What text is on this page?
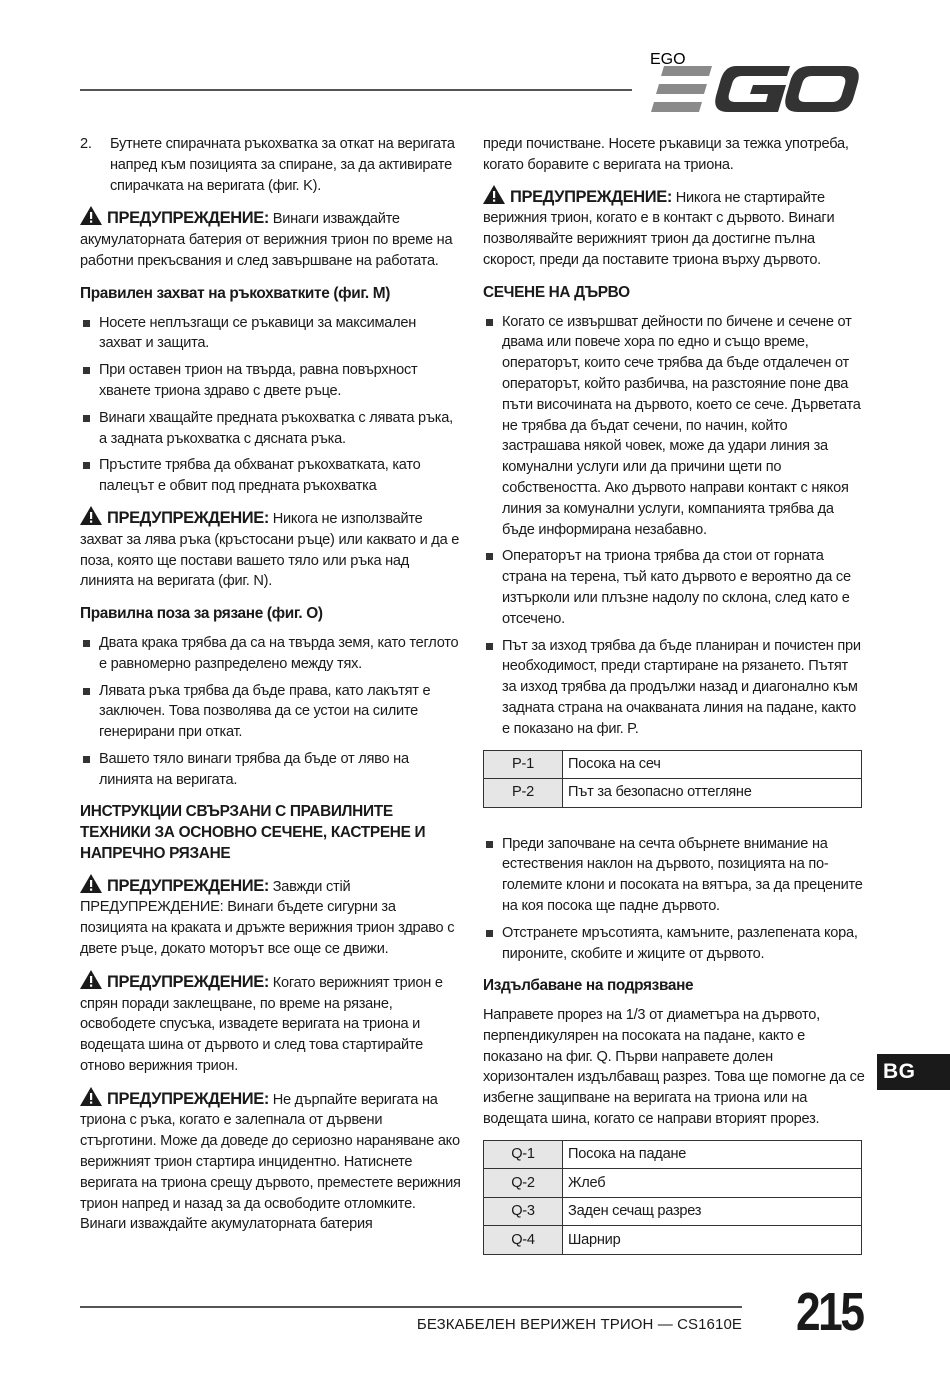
EGO
2.	Бутнете спирачната ръкохватка за откат на веригата напред към позицията за спиране, за да активирате спирачката на веригата (фиг. K).

ПРЕДУПРЕЖДЕНИЕ: Винаги изваждайте акумулаторната батерия от верижния трион по време на работни прекъсвания и след завършване на работата.

Правилен захват на ръкохватките (фиг. M)
Носете неплъзгащи се ръкавици за максимален захват и защита.
При оставен трион на твърда, равна повърхност хванете триона здраво с двете ръце.
Винаги хващайте предната ръкохватка с лявата ръка, а задната ръкохватка с дясната ръка.
Пръстите трябва да обхванат ръкохватката, като палецът е обвит под предната ръкохватка

ПРЕДУПРЕЖДЕНИЕ: Никога не използвайте захват за лява ръка (кръстосани ръце) или каквато и да е поза, която ще постави вашето тяло или ръка над линията на веригата (фиг. N).

Правилна поза за рязане (фиг. O)
Двата крака трябва да са на твърда земя, като теглото е равномерно разпределено между тях.
Лявата ръка трябва да бъде права, като лакътят е заключен. Това позволява да се устои на силите генерирани при откат.
Вашето тяло винаги трябва да бъде от ляво на линията на веригата.
ИНСТРУКЦИИ СВЪРЗАНИ С ПРАВИЛНИТЕ ТЕХНИКИ ЗА ОСНОВНО СЕЧЕНЕ, КАСТРЕНЕ И НАПРЕЧНО РЯЗАНЕ

ПРЕДУПРЕЖДЕНИЕ: Завжди стій ПРЕДУПРЕЖДЕНИЕ: Винаги бъдете сигурни за позицията на краката и дръжте верижния трион здраво с двете ръце, докато моторът все още се движи.

ПРЕДУПРЕЖДЕНИЕ: Когато верижният трион е спрян поради заклещване, по време на рязане, освободете спусъка, извадете веригата на триона и водещата шина от дървото и след това стартирайте отново верижния трион.

ПРЕДУПРЕЖДЕНИЕ: Не дърпайте веригата на триона с ръка, когато е залепнала от дървени стърготини. Може да доведе до сериозно нараняване ако верижният трион стартира инцидентно. Натиснете веригата на триона срещу дървото, преместете верижния трион напред и назад за да освободите отломките. Винаги изваждайте акумулаторната батерия

преди почистване. Носете ръкавици за тежка употреба, когато боравите с веригата на триона.

ПРЕДУПРЕЖДЕНИЕ: Никога не стартирайте верижния трион, когато е в контакт с дървото. Винаги позволявайте верижният трион да достигне пълна скорост, преди да поставите триона върху дървото.

СЕЧЕНЕ НА ДЪРВО
Когато се извършват дейности по бичене и сечене от двама или повече хора по едно и също време, операторът, които сече трябва да бъде отдалечен от операторът, който разбичва, на разстояние поне два пъти височината на дървото, което се сече. Дърветата не трябва да бъдат сечени, по начин, който застрашава някой човек, може да удари линия за комунални услуги или да причини щети по собствеността. Ако дървото направи контакт с някоя линия за комунални услуги, компанията трябва да бъде информирана незабавно.
Операторът на триона трябва да стои от горната страна на терена, тъй като дървото е вероятно да се изтъркoли или плъзне надолу по склона, след като е отсечено.
Път за изход трябва да бъде планиран и почистен при необходимост, преди стартиране на рязането. Пътят за изход трябва да продължи назад и диагонално към задната страна на очакваната линия на падане, както е показано на фиг. P.
P-1	Посока на сеч
P-2	Път за безопасно оттегляне
Преди започване на сечта обърнете внимание на естествения наклон на дървото, позицията на по-големите клони и посоката на вятъра, за да прецените на коя посока ще падне дървото.
Отстранете мръсотията, камъните, разлепената кора, пироните, скобите и жиците от дървото.
Издълбаване на подрязване

Направете прорез на 1/3 от диаметъра на дървото, перпендикулярен на посоката на падане, както е показано на фиг. Q. Първи направете долен хоризонтален издълбаващ разрез. Това ще помогне да се избегне защипване на веригата на триона или на водещата шина, когато се направи вторият прорез.

Q-1	Посока на падане
Q-2	Жлеб
Q-3	Заден сечащ разрез
Q-4	Шарнир
BG
БЕЗКАБЕЛЕН ВЕРИЖЕН ТРИОН — CS1610E 215
